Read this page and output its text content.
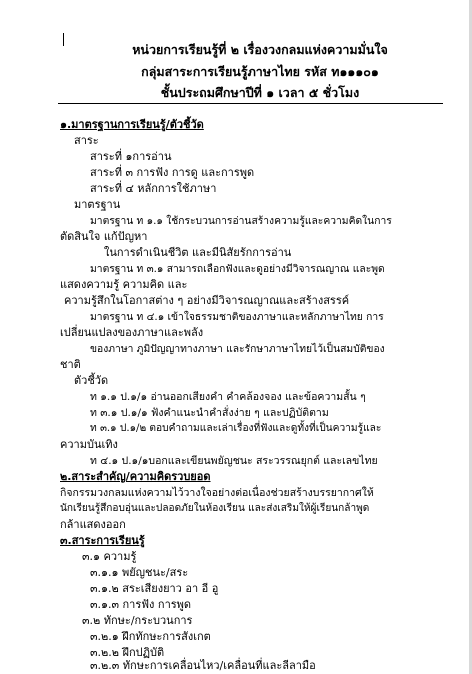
หน่วยการเรียนรู้ที่ ๒ เรื่องวงกลมแห่งความมั่นใจ
กลุ่มสาระการเรียนรู้ภาษาไทย รหัส ท๑๑๑๐๑
ชั้นประถมศึกษาปีที่ ๑ เวลา ๕ ชั่วโมง
๑.มาตรฐานการเรียนรู้/ตัวชี้วัด
สาระ
สาระที่ ๑การอ่าน
สาระที่ ๓ การฟัง การดู และการพูด
สาระที่ ๔ หลักการใช้ภาษา
มาตรฐาน
มาตรฐาน ท ๑.๑ ใช้กระบวนการอ่านสร้างความรู้และความคิดในการ
ตัดสินใจ แก้ปัญหา
ในการดำเนินชีวิต และมีนิสัยรักการอ่าน
มาตรฐาน ท ๓.๑ สามารถเลือกฟังและดูอย่างมีวิจารณญาณ และพูด
แสดงความรู้ ความคิด และ
ความรู้สึกในโอกาสต่าง ๆ อย่างมีวิจารณญาณและสร้างสรรค์
มาตรฐาน ท ๔.๑ เข้าใจธรรมชาติของภาษาและหลักภาษาไทย การ
เปลี่ยนแปลงของภาษาและพลัง
ของภาษา ภูมิปัญญาทางภาษา และรักษาภาษาไทยไว้เป็นสมบัติของ
ชาติ
ตัวชี้วัด
ท ๑.๑ ป.๑/๑ อ่านออกเสียงคำ คำคล้องจอง และข้อความสั้น ๆ
ท ๓.๑ ป.๑/๑ ฟังคำแนะนำคำสั่งง่าย ๆ และปฏิบัติตาม
ท ๓.๑ ป.๑/๒ ตอบคำถามและเล่าเรื่องที่ฟังและดูทั้งที่เป็นความรู้และ
ความบันเทิง
ท ๔.๑ ป.๑/๑บอกและเขียนพยัญชนะ สระวรรณยุกต์ และเลขไทย
๒.สาระสำคัญ/ความคิดรวบยอด
กิจกรรมวงกลมแห่งความไว้วางใจอย่างต่อเนื่องช่วยสร้างบรรยากาศให้
นักเรียนรู้สึกอบอุ่นและปลอดภัยในห้องเรียน และส่งเสริมให้ผู้เรียนกล้าพูด
กล้าแสดงออก
๓.สาระการเรียนรู้
๓.๑ ความรู้
๓.๑.๑ พยัญชนะ/สระ
๓.๑.๒ สระเสียงยาว อา อี อู
๓.๑.๓ การฟัง การพูด
๓.๒ ทักษะ/กระบวนการ
๓.๒.๑ ฝึกทักษะการสังเกต
๓.๒.๒ ฝึกปฏิบัติ
๓.๒.๓ ทักษะการเคลื่อนไหว/เคลื่อนที่และลีลามือ
